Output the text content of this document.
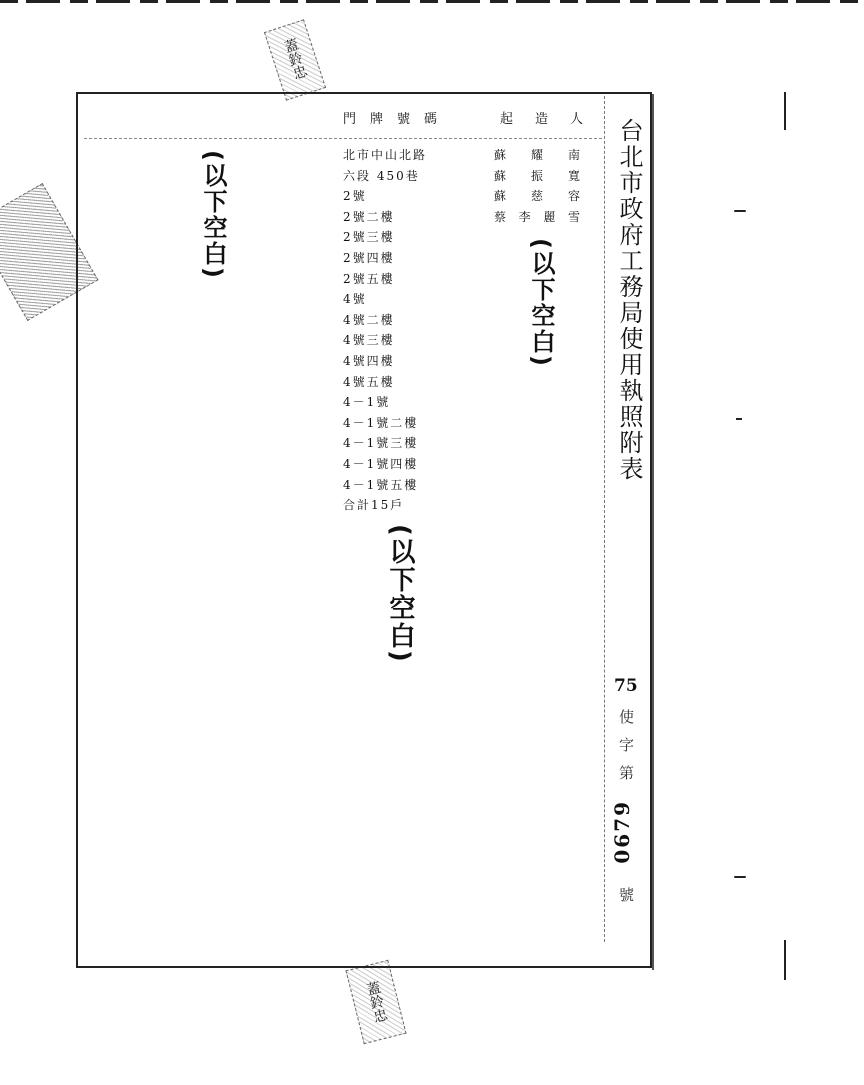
蓋鈴忠
蓋鈴忠
門牌號碼	起造人
北市中山北路
六段 450巷
2號
2號二樓
2號三樓
2號四樓
2號五樓
4號
4號二樓
4號三樓
4號四樓
4號五樓
4－1號
4－1號二樓
4－1號三樓
4－1號四樓
4－1號五樓
合計15戶
蘇 耀 南
蘇 振 寬
蘇 慈 容
蔡 李 麗 雪
(以下空白)
(以下空白)
(以下空白)
台北市政府工務局使用執照附表
75
使
字
第
0679
號
